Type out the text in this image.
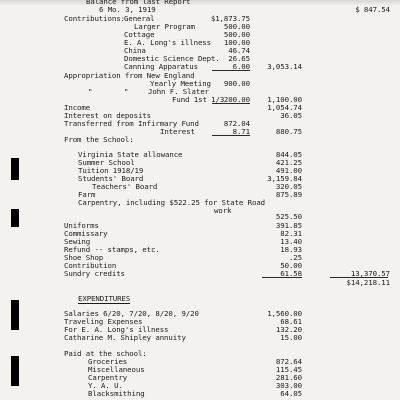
Balance from last Report
6 Mo. 3, 1919	$ 847.54
Contributions: General	$1,873.75
Larger Program	500.00
Cottage	500.00
E. A. Long's illness	100.00
China	46.74
Domestic Science Dept.	26.65
Canning Apparatus	6.00	3,053.14
Appropriation from New England
Yearly Meeting	900.00
"	"	John F. Slater
Fund 1st 1/3 200.00	1,100.00
Income	1,054.74
Interest on deposits	36.05
Transferred from Infirmary Fund	872.04
Interest	8.71	880.75
From the School:
Virginia State allowance	844.05
Summer School	421.25
Tuition 1918/19	491.00
Students' Board	3,159.84
Teachers' Board	320.05
Farm	875.89
Carpentry, including $522.25 for State Road
work
525.50
Uniforms	391.85
Commissary	82.31
Sewing	13.40
Refund -- stamps, etc.	18.93
Shoe Shop	.25
Contribution	50.00
Sundry credits	61.58	13,370.57
$14,218.11
EXPENDITURES
Salaries 6/20, 7/20, 8/20, 9/20	1,560.00
Traveling Expenses	68.61
For E. A. Long's illness	132.20
Catharine M. Shipley annuity	15.00
Paid at the school:
Groceries	872.64
Miscellaneous	115.45
Carpentry	281.60
Y. A. U.	303.00
Blacksmithing	64.05
